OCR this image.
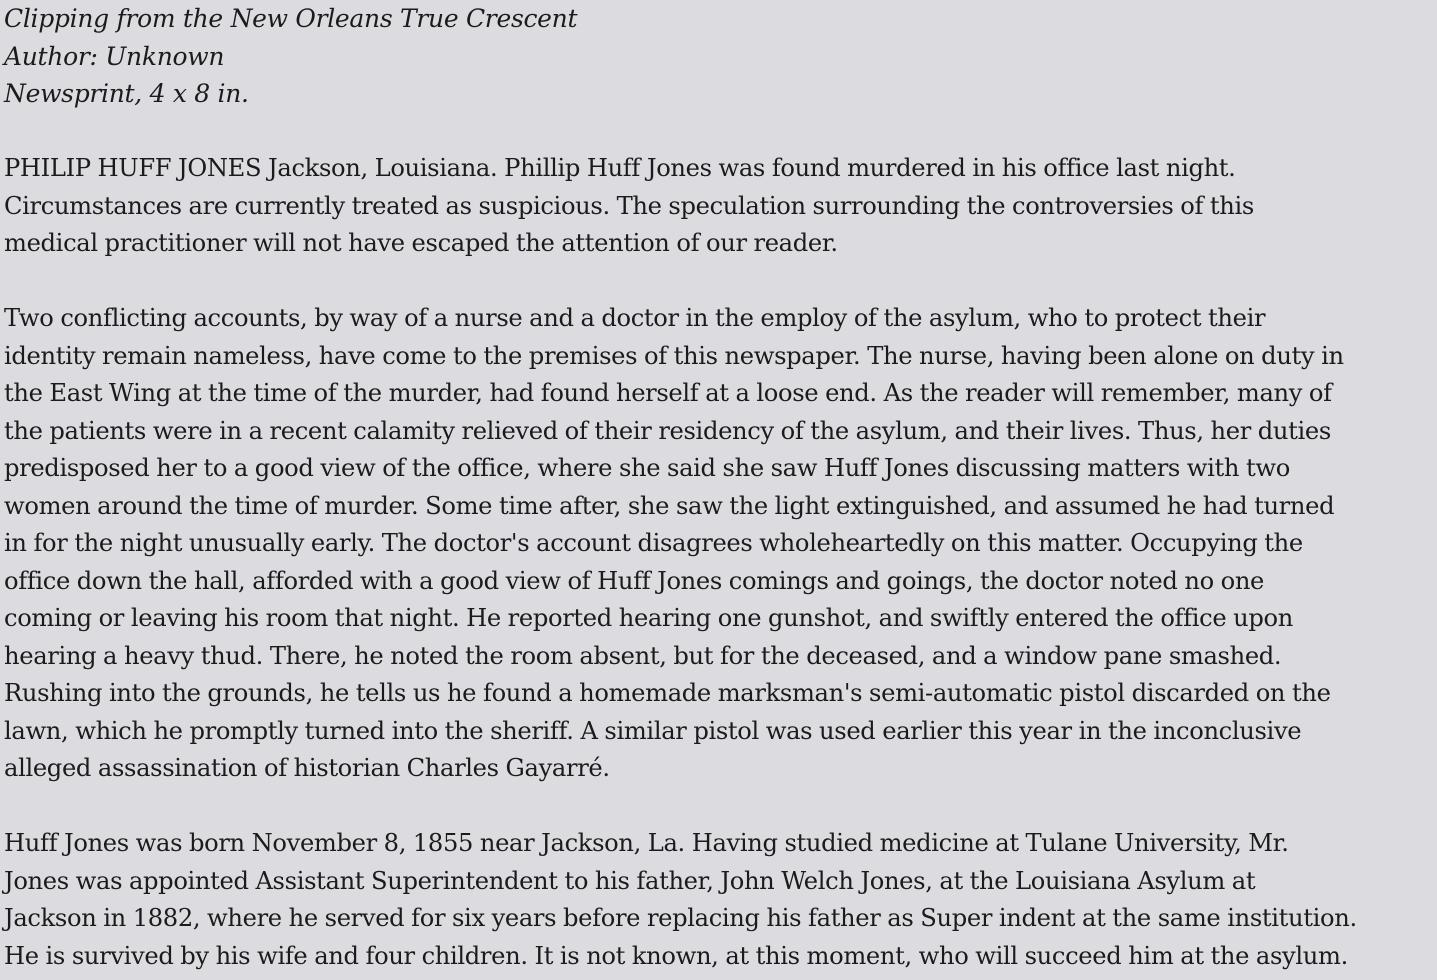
Clipping from the New Orleans True Crescent
Author: Unknown
Newsprint, 4 x 8 in.
PHILIP HUFF JONES Jackson, Louisiana. Phillip Huff Jones was found murdered in his office last night.
Circumstances are currently treated as suspicious. The speculation surrounding the controversies of this
medical practitioner will not have escaped the attention of our reader.
Two conflicting accounts, by way of a nurse and a doctor in the employ of the asylum, who to protect their
identity remain nameless, have come to the premises of this newspaper. The nurse, having been alone on duty in
the East Wing at the time of the murder, had found herself at a loose end. As the reader will remember, many of
the patients were in a recent calamity relieved of their residency of the asylum, and their lives. Thus, her duties
predisposed her to a good view of the office, where she said she saw Huff Jones discussing matters with two
women around the time of murder. Some time after, she saw the light extinguished, and assumed he had turned
in for the night unusually early. The doctor's account disagrees wholeheartedly on this matter. Occupying the
office down the hall, afforded with a good view of Huff Jones comings and goings, the doctor noted no one
coming or leaving his room that night. He reported hearing one gunshot, and swiftly entered the office upon
hearing a heavy thud. There, he noted the room absent, but for the deceased, and a window pane smashed.
Rushing into the grounds, he tells us he found a homemade marksman's semi-automatic pistol discarded on the
lawn, which he promptly turned into the sheriff. A similar pistol was used earlier this year in the inconclusive
alleged assassination of historian Charles Gayarré.
Huff Jones was born November 8, 1855 near Jackson, La. Having studied medicine at Tulane University, Mr.
Jones was appointed Assistant Superintendent to his father, John Welch Jones, at the Louisiana Asylum at
Jackson in 1882, where he served for six years before replacing his father as Super indent at the same institution.
He is survived by his wife and four children. It is not known, at this moment, who will succeed him at the asylum.
